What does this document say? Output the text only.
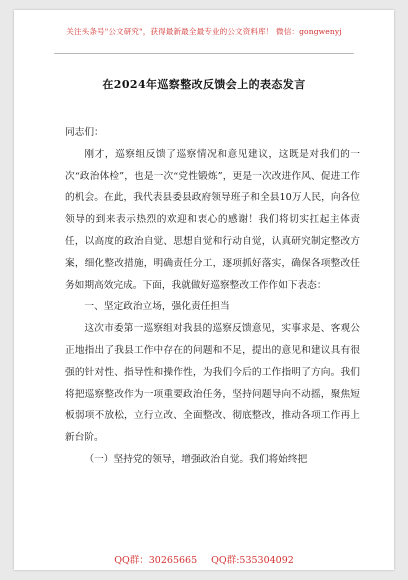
关注头条号"公文研究"，获得最新最全最专业的公文资料库！ 微信：gongwenyj
在2024年巡察整改反馈会上的表态发言

同志们：

刚才，巡察组反馈了巡察情况和意见建议，这既是对我们的一次“政治体检”，也是一次“党性锻炼”，更是一次改进作风、促进工作的机会。在此，我代表县委县政府领导班子和全县10万人民，向各位领导的到来表示热烈的欢迎和衷心的感谢！我们将切实扛起主体责任，以高度的政治自觉、思想自觉和行动自觉，认真研究制定整改方案，细化整改措施，明确责任分工，逐项抓好落实，确保各项整改任务如期高效完成。下面，我就做好巡察整改工作作如下表态：

一、坚定政治立场，强化责任担当

这次市委第一巡察组对我县的巡察反馈意见，实事求是、客观公正地指出了我县工作中存在的问题和不足，提出的意见和建议具有很强的针对性、指导性和操作性，为我们今后的工作指明了方向。我们将把巡察整改作为一项重要政治任务，坚持问题导向不动摇，聚焦短板弱项不放松，立行立改、全面整改、彻底整改，推动各项工作再上新台阶。

（一）坚持党的领导，增强政治自觉。我们将始终把

QQ群：30265665 QQ群:535304092
